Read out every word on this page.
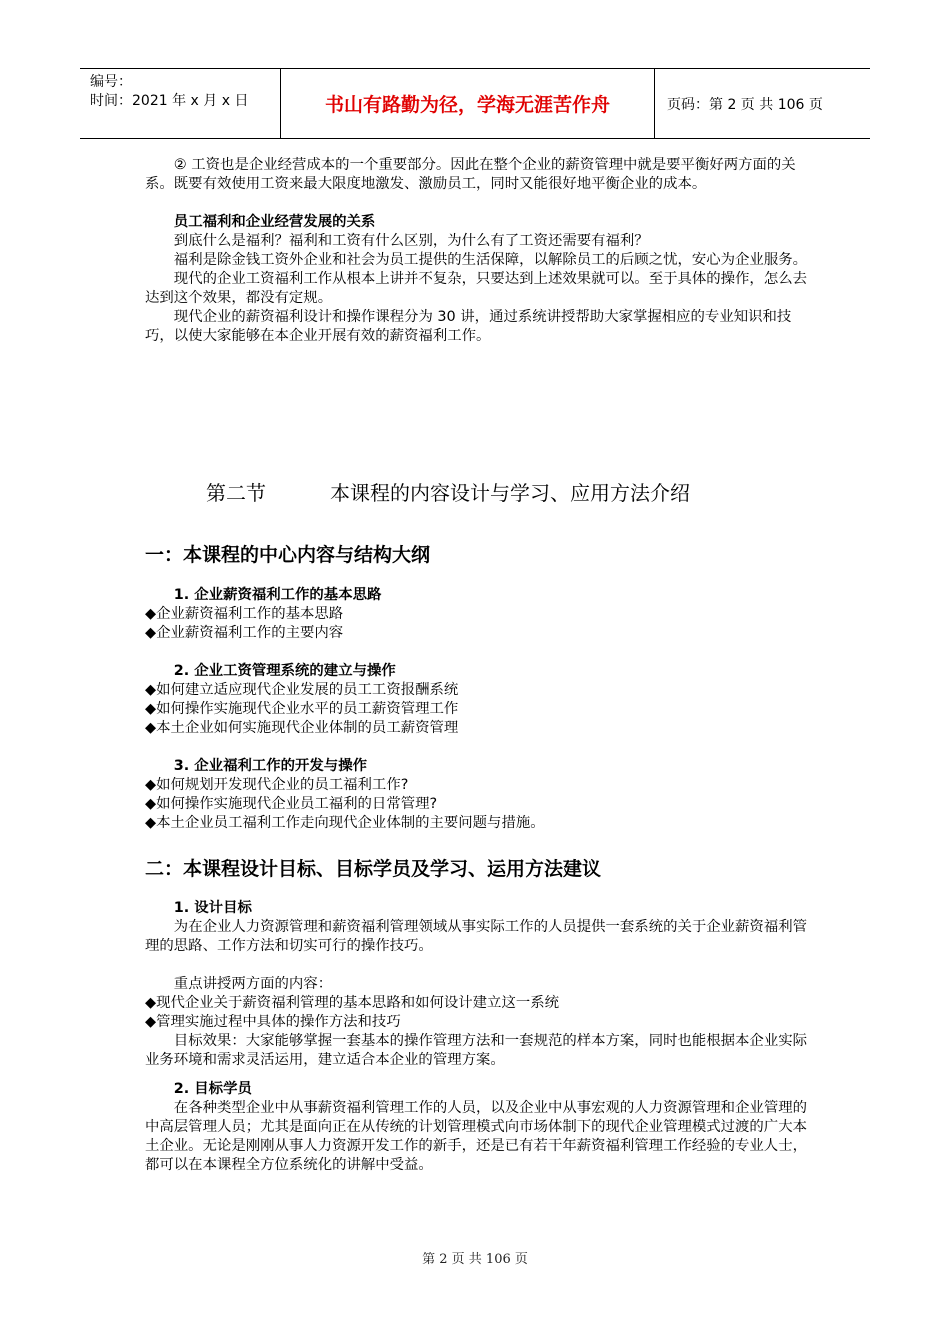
编号：
时间：2021 年 x 月 x 日	书山有路勤为径，学海无涯苦作舟	页码：第 2 页 共 106 页

② 工资也是企业经营成本的一个重要部分。因此在整个企业的薪资管理中就是要平衡好两方面的关系。既要有效使用工资来最大限度地激发、激励员工，同时又能很好地平衡企业的成本。

员工福利和企业经营发展的关系

到底什么是福利？福利和工资有什么区别，为什么有了工资还需要有福利？

福利是除金钱工资外企业和社会为员工提供的生活保障，以解除员工的后顾之忧，安心为企业服务。

现代的企业工资福利工作从根本上讲并不复杂，只要达到上述效果就可以。至于具体的操作，怎么去达到这个效果，都没有定规。

现代企业的薪资福利设计和操作课程分为 30 讲，通过系统讲授帮助大家掌握相应的专业知识和技巧，以使大家能够在本企业开展有效的薪资福利工作。

第二节	本课程的内容设计与学习、应用方法介绍

一：本课程的中心内容与结构大纲

1. 企业薪资福利工作的基本思路

◆企业薪资福利工作的基本思路

◆企业薪资福利工作的主要内容

2. 企业工资管理系统的建立与操作

◆如何建立适应现代企业发展的员工工资报酬系统

◆如何操作实施现代企业水平的员工薪资管理工作

◆本土企业如何实施现代企业体制的员工薪资管理

3. 企业福利工作的开发与操作

◆如何规划开发现代企业的员工福利工作?

◆如何操作实施现代企业员工福利的日常管理?

◆本土企业员工福利工作走向现代企业体制的主要问题与措施。

二：本课程设计目标、目标学员及学习、运用方法建议

1. 设计目标

为在企业人力资源管理和薪资福利管理领域从事实际工作的人员提供一套系统的关于企业薪资福利管理的思路、工作方法和切实可行的操作技巧。

重点讲授两方面的内容：

◆现代企业关于薪资福利管理的基本思路和如何设计建立这一系统

◆管理实施过程中具体的操作方法和技巧

目标效果：大家能够掌握一套基本的操作管理方法和一套规范的样本方案，同时也能根据本企业实际业务环境和需求灵活运用，建立适合本企业的管理方案。

2. 目标学员

在各种类型企业中从事薪资福利管理工作的人员，以及企业中从事宏观的人力资源管理和企业管理的中高层管理人员；尤其是面向正在从传统的计划管理模式向市场体制下的现代企业管理模式过渡的广大本土企业。无论是刚刚从事人力资源开发工作的新手，还是已有若干年薪资福利管理工作经验的专业人士，都可以在本课程全方位系统化的讲解中受益。

第 2 页 共 106 页
